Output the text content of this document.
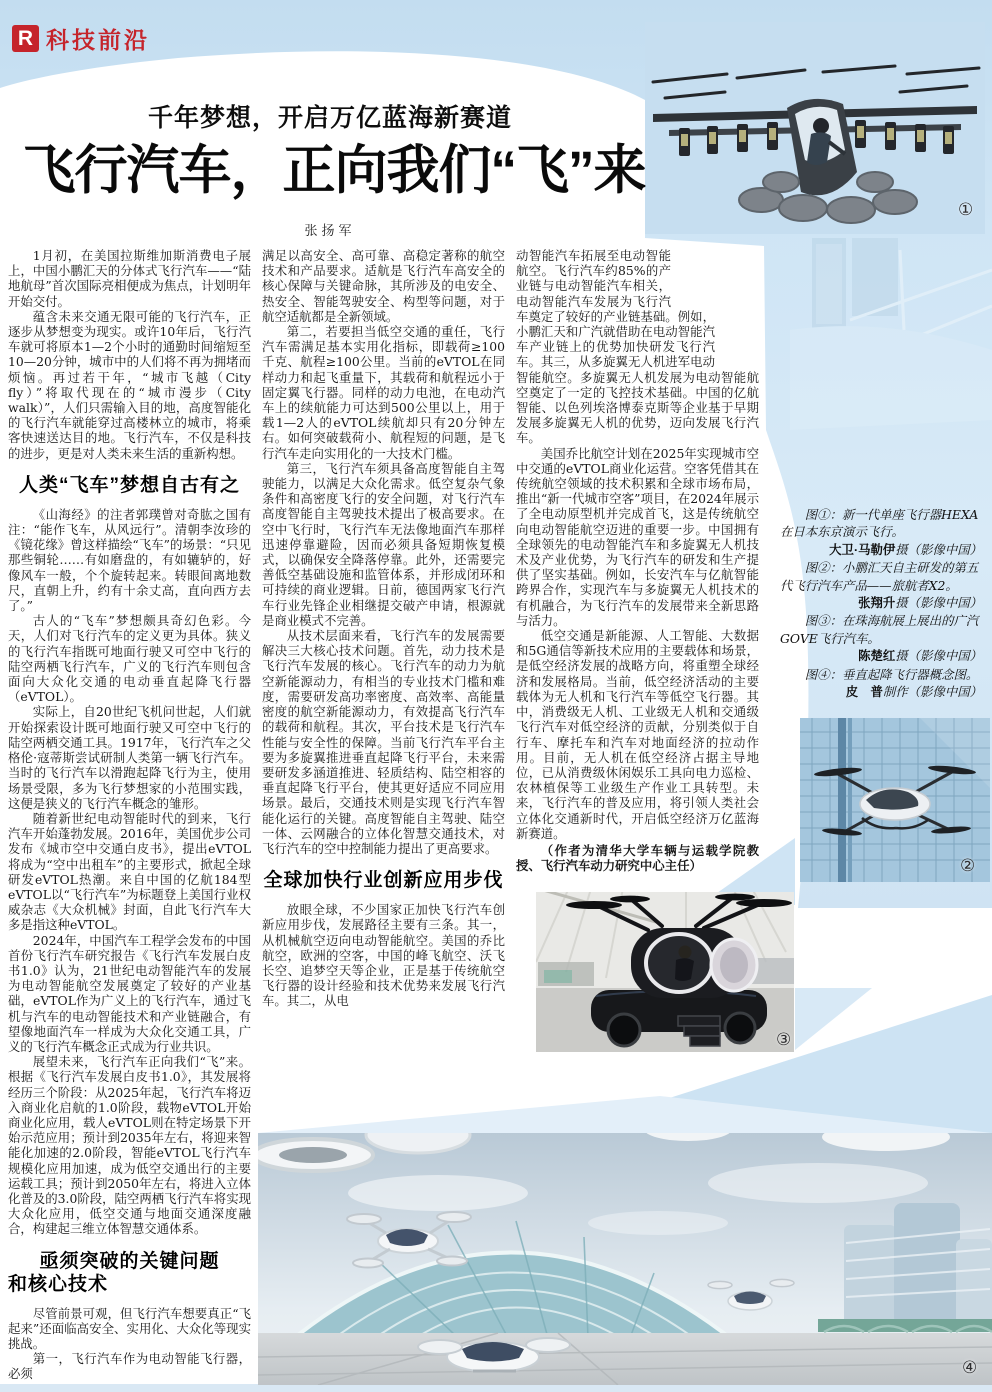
R 科技前沿
千年梦想，开启万亿蓝海新赛道
飞行汽车，正向我们“飞”来
张扬军
①

1月初，在美国拉斯维加斯消费电子展上，中国小鹏汇天的分体式飞行汽车——“陆地航母”首次国际亮相便成为焦点，计划明年开始交付。

蕴含未来交通无限可能的飞行汽车，正逐步从梦想变为现实。或许10年后，飞行汽车就可将原本1—2个小时的通勤时间缩短至10—20分钟，城市中的人们将不再为拥堵而烦恼。再过若干年，“城市飞越（City fly）”将取代现在的“城市漫步（City walk）”，人们只需输入目的地，高度智能化的飞行汽车就能穿过高楼林立的城市，将乘客快速送达目的地。飞行汽车，不仅是科技的进步，更是对人类未来生活的重新构想。

人类“飞车”梦想自古有之

《山海经》的注者郭璞曾对奇肱之国有注：“能作飞车，从风远行”。清朝李汝珍的《镜花缘》曾这样描绘“飞车”的场景：“只见那些铜轮……有如磨盘的，有如辘轳的，好像风车一般，个个旋转起来。转眼间离地数尺，直朝上升，约有十余丈高，直向西方去了。”

古人的“飞车”梦想颇具奇幻色彩。今天，人们对飞行汽车的定义更为具体。狭义的飞行汽车指既可地面行驶又可空中飞行的陆空两栖飞行汽车，广义的飞行汽车则包含面向大众化交通的电动垂直起降飞行器（eVTOL）。

实际上，自20世纪飞机问世起，人们就开始探索设计既可地面行驶又可空中飞行的陆空两栖交通工具。1917年，飞行汽车之父格伦·寇蒂斯尝试研制人类第一辆飞行汽车。当时的飞行汽车以滑跑起降飞行为主，使用场景受限，多为飞行梦想家的小范围实践，这便是狭义的飞行汽车概念的雏形。

随着新世纪电动智能时代的到来，飞行汽车开始蓬勃发展。2016年，美国优步公司发布《城市空中交通白皮书》，提出eVTOL将成为“空中出租车”的主要形式，掀起全球研发eVTOL热潮。来自中国的亿航184型eVTOL以“飞行汽车”为标题登上美国行业权威杂志《大众机械》封面，自此飞行汽车大多是指这种eVTOL。

2024年，中国汽车工程学会发布的中国首份飞行汽车研究报告《飞行汽车发展白皮书1.0》认为，21世纪电动智能汽车的发展为电动智能航空发展奠定了较好的产业基础，eVTOL作为广义上的飞行汽车，通过飞机与汽车的电动智能技术和产业链融合，有望像地面汽车一样成为大众化交通工具，广义的飞行汽车概念正式成为行业共识。

展望未来，飞行汽车正向我们“飞”来。根据《飞行汽车发展白皮书1.0》，其发展将经历三个阶段：从2025年起，飞行汽车将迈入商业化启航的1.0阶段，载物eVTOL开始商业化应用，载人eVTOL则在特定场景下开始示范应用；预计到2035年左右，将迎来智能化加速的2.0阶段，智能eVTOL飞行汽车规模化应用加速，成为低空交通出行的主要运载工具；预计到2050年左右，将进入立体化普及的3.0阶段，陆空两栖飞行汽车将实现大众化应用，低空交通与地面交通深度融合，构建起三维立体智慧交通体系。

亟须突破的关键问题
和核心技术

尽管前景可观，但飞行汽车想要真正“飞起来”还面临高安全、实用化、大众化等现实挑战。

第一，飞行汽车作为电动智能飞行器，必须

满足以高安全、高可靠、高稳定著称的航空技术和产品要求。适航是飞行汽车高安全的核心保障与关键命脉，其所涉及的电安全、热安全、智能驾驶安全、构型等问题，对于航空适航都是全新领域。

第二，若要担当低空交通的重任，飞行汽车需满足基本实用化指标，即载荷≥100千克、航程≥100公里。当前的eVTOL在同样动力和起飞重量下，其载荷和航程远小于固定翼飞行器。同样的动力电池，在电动汽车上的续航能力可达到500公里以上，用于载1—2人的eVTOL续航却只有20分钟左右。如何突破载荷小、航程短的问题，是飞行汽车走向实用化的一大技术门槛。

第三，飞行汽车须具备高度智能自主驾驶能力，以满足大众化需求。低空复杂气象条件和高密度飞行的安全问题，对飞行汽车高度智能自主驾驶技术提出了极高要求。在空中飞行时，飞行汽车无法像地面汽车那样迅速停靠避险，因而必须具备短期恢复模式，以确保安全降落停靠。此外，还需要完善低空基础设施和监管体系，并形成闭环和可持续的商业逻辑。日前，德国两家飞行汽车行业先锋企业相继提交破产申请，根源就是商业模式不完善。

从技术层面来看，飞行汽车的发展需要解决三大核心技术问题。首先，动力技术是飞行汽车发展的核心。飞行汽车的动力为航空新能源动力，有相当的专业技术门槛和难度，需要研发高功率密度、高效率、高能量密度的航空新能源动力，有效提高飞行汽车的载荷和航程。其次，平台技术是飞行汽车性能与安全性的保障。当前飞行汽车平台主要为多旋翼推进垂直起降飞行平台，未来需要研发多涵道推进、轻质结构、陆空相容的垂直起降飞行平台，使其更好适应不同应用场景。最后，交通技术则是实现飞行汽车智能化运行的关键。高度智能自主驾驶、陆空一体、云网融合的立体化智慧交通技术，对飞行汽车的空中控制能力提出了更高要求。

全球加快行业创新应用步伐

放眼全球，不少国家正加快飞行汽车创新应用步伐，发展路径主要有三条。其一，从机械航空迈向电动智能航空。美国的乔比航空，欧洲的空客，中国的峰飞航空、沃飞长空、追梦空天等企业，正是基于传统航空飞行器的设计经验和技术优势来发展飞行汽车。其二，从电

动智能汽车拓展至电动智能航空。飞行汽车约85%的产业链与电动智能汽车相关，电动智能汽车发展为飞行汽车奠定了较好的产业链基础。例如，小鹏汇天和广汽就借助在电动智能汽车产业链上的优势加快研发飞行汽车。其三，从多旋翼无人机进军电动智能航空。多旋翼无人机发展为电动智能航空奠定了一定的飞控技术基础。中国的亿航智能、以色列埃洛博泰克斯等企业基于早期发展多旋翼无人机的优势，迈向发展飞行汽车。

美国乔比航空计划在2025年实现城市空中交通的eVTOL商业化运营。空客凭借其在传统航空领域的技术积累和全球市场布局，推出“新一代城市空客”项目，在2024年展示了全电动原型机并完成首飞，这是传统航空向电动智能航空迈进的重要一步。中国拥有全球领先的电动智能汽车和多旋翼无人机技术及产业优势，为飞行汽车的研发和生产提供了坚实基础。例如，长安汽车与亿航智能跨界合作，实现汽车与多旋翼无人机技术的有机融合，为飞行汽车的发展带来全新思路与活力。

低空交通是新能源、人工智能、大数据和5G通信等新技术应用的主要载体和场景，是低空经济发展的战略方向，将重塑全球经济和发展格局。当前，低空经济活动的主要载体为无人机和飞行汽车等低空飞行器。其中，消费级无人机、工业级无人机和交通级飞行汽车对低空经济的贡献，分别类似于自行车、摩托车和汽车对地面经济的拉动作用。目前，无人机在低空经济占据主导地位，已从消费级休闲娱乐工具向电力巡检、农林植保等工业级生产作业工具转型。未来，飞行汽车的普及应用，将引领人类社会立体化交通新时代，开启低空经济万亿蓝海新赛道。

（作者为清华大学车辆与运载学院教授、飞行汽车动力研究中心主任）

图①：新一代单座飞行器HEXA在日本东京演示飞行。

大卫·马勒伊摄（影像中国）

图②：小鹏汇天自主研发的第五代飞行汽车产品——旅航者X2。

张翔升摄（影像中国）

图③：在珠海航展上展出的广汽GOVE飞行汽车。

陈楚红摄（影像中国）

图④：垂直起降飞行器概念图。

皮　普制作（影像中国）

②
③
④
